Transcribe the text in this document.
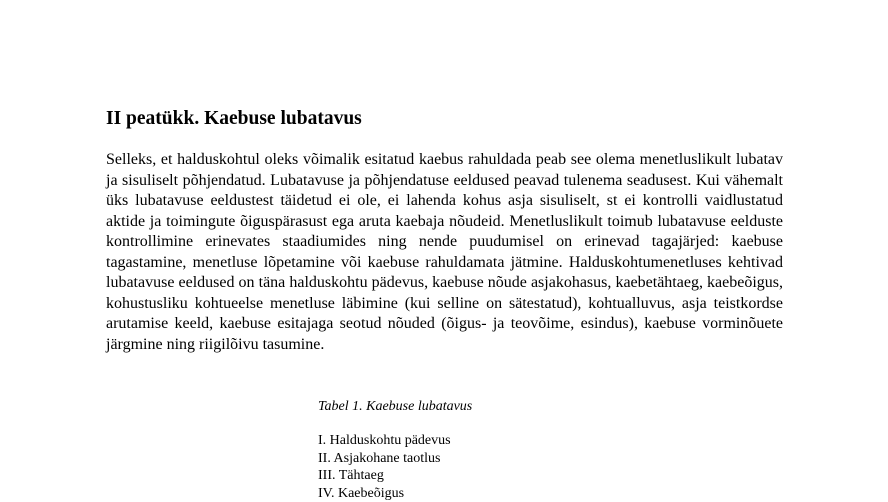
II peatükk. Kaebuse lubatavus

Selleks, et halduskohtul oleks võimalik esitatud kaebus rahuldada peab see olema menetluslikult lubatav ja sisuliselt põhjendatud. Lubatavuse ja põhjendatuse eeldused peavad tulenema seadusest. Kui vähemalt üks lubatavuse eeldustest täidetud ei ole, ei lahenda kohus asja sisuliselt, st ei kontrolli vaidlustatud aktide ja toimingute õiguspärasust ega aruta kaebaja nõudeid. Menetluslikult toimub lubatavuse eelduste kontrollimine erinevates staadiumides ning nende puudumisel on erinevad tagajärjed: kaebuse tagastamine, menetluse lõpetamine või kaebuse rahuldamata jätmine. Halduskohtumenetluses kehtivad lubatavuse eeldused on täna halduskohtu pädevus, kaebuse nõude asjakohasus, kaebetähtaeg, kaebeõigus, kohustusliku kohtueelse menetluse läbimine (kui selline on sätestatud), kohtualluvus, asja teistkordse arutamise keeld, kaebuse esitajaga seotud nõuded (õigus- ja teovõime, esindus), kaebuse vorminõuete järgmine ning riigilõivu tasumine.

Tabel 1. Kaebuse lubatavus

I. Halduskohtu pädevus
II. Asjakohane taotlus
III. Tähtaeg
IV. Kaebeõigus
